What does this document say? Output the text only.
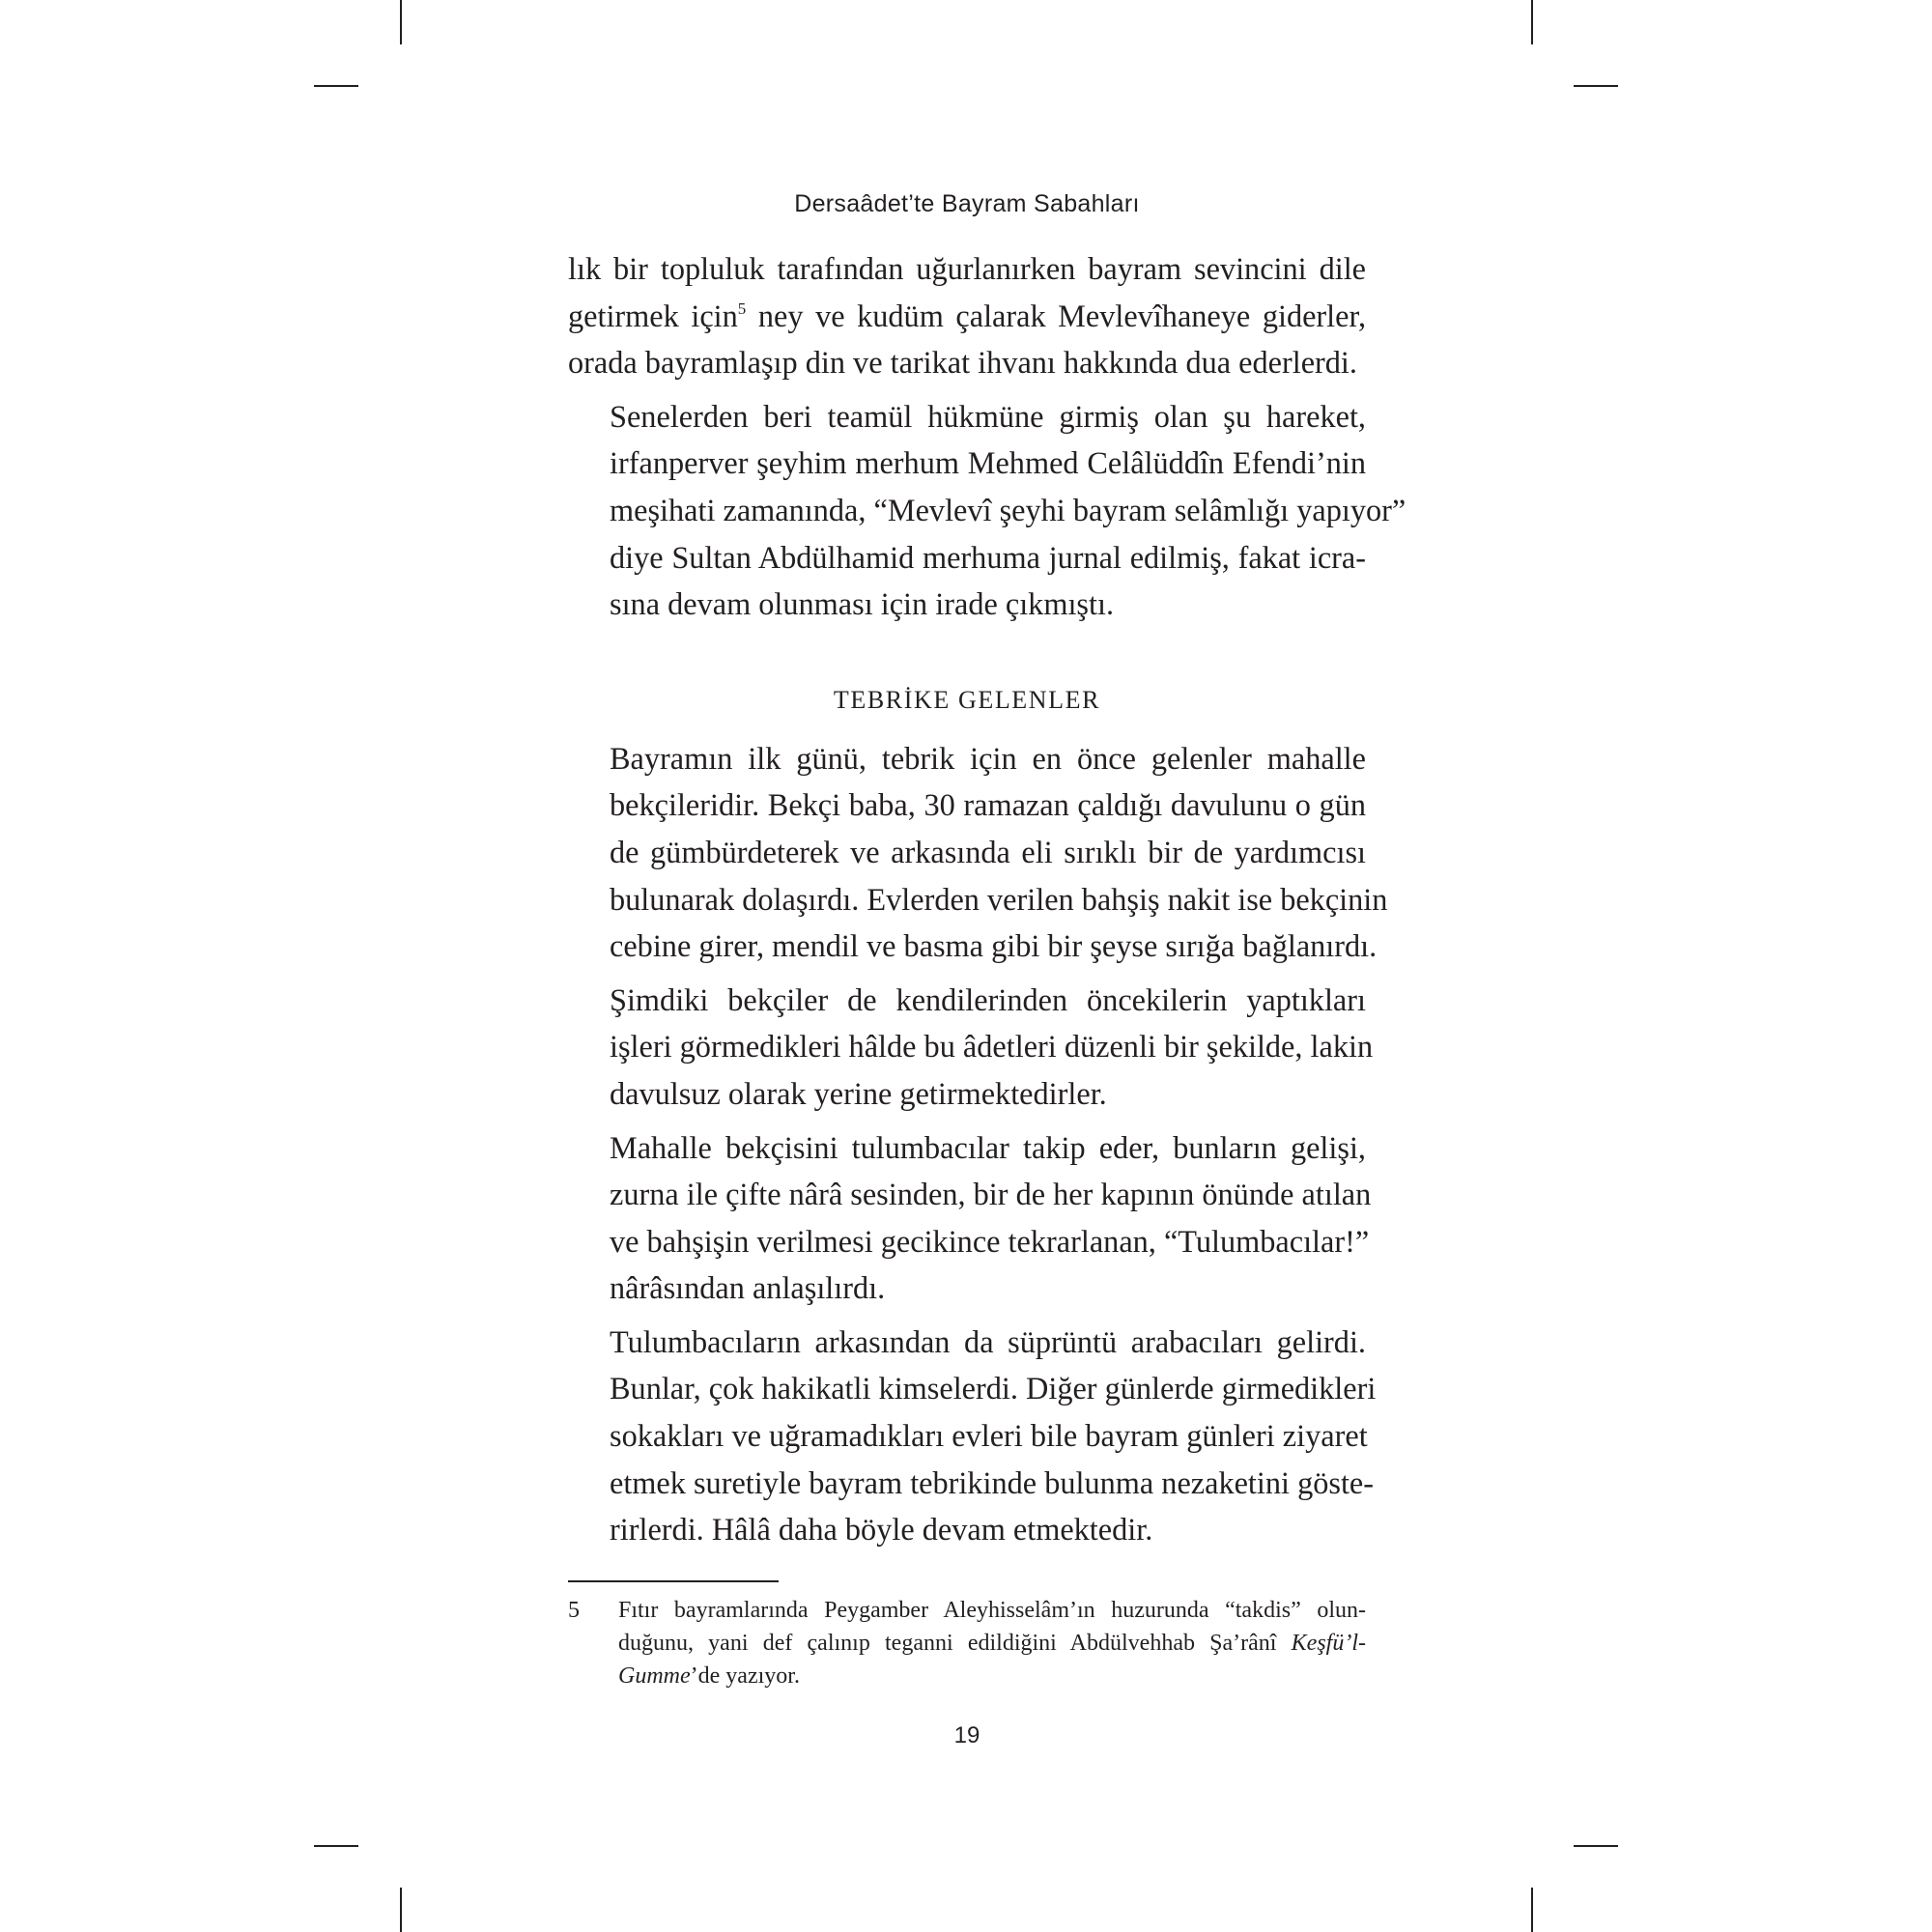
Dersaâdet’te Bayram Sabahları

lık bir topluluk tarafından uğurlanırken bayram sevincini dile
getirmek için$^5$ ney ve kudüm çalarak Mevlevîhaneye giderler,
orada bayramlaşıp din ve tarikat ihvanı hakkında dua ederlerdi.

Senelerden beri teamül hükmüne girmiş olan şu hareket,
irfanperver şeyhim merhum Mehmed Celâlüddîn Efendi’nin
meşihati zamanında, “Mevlevî şeyhi bayram selâmlığı yapıyor”
diye Sultan Abdülhamid merhuma jurnal edilmiş, fakat icra-
sına devam olunması için irade çıkmıştı.

TEBRİKE GELENLER

Bayramın ilk günü, tebrik için en önce gelenler mahalle
bekçileridir. Bekçi baba, 30 ramazan çaldığı davulunu o gün
de gümbürdeterek ve arkasında eli sırıklı bir de yardımcısı
bulunarak dolaşırdı. Evlerden verilen bahşiş nakit ise bekçinin
cebine girer, mendil ve basma gibi bir şeyse sırığa bağlanırdı.

Şimdiki bekçiler de kendilerinden öncekilerin yaptıkları
işleri görmedikleri hâlde bu âdetleri düzenli bir şekilde, lakin
davulsuz olarak yerine getirmektedirler.

Mahalle bekçisini tulumbacılar takip eder, bunların gelişi,
zurna ile çifte nârâ sesinden, bir de her kapının önünde atılan
ve bahşişin verilmesi gecikince tekrarlanan, “Tulumbacılar!”
nârâsından anlaşılırdı.

Tulumbacıların arkasından da süprüntü arabacıları gelirdi.
Bunlar, çok hakikatli kimselerdi. Diğer günlerde girmedikleri
sokakları ve uğramadıkları evleri bile bayram günleri ziyaret
etmek suretiyle bayram tebrikinde bulunma nezaketini göste-
rirlerdi. Hâlâ daha böyle devam etmektedir.

5 Fıtır bayramlarında Peygamber Aleyhisselâm’ın huzurunda “takdis” olun-
duğunu, yani def çalınıp teganni edildiğini Abdülvehhab Şa’rânî Keşfü’l-
Gumme’de yazıyor.
19
